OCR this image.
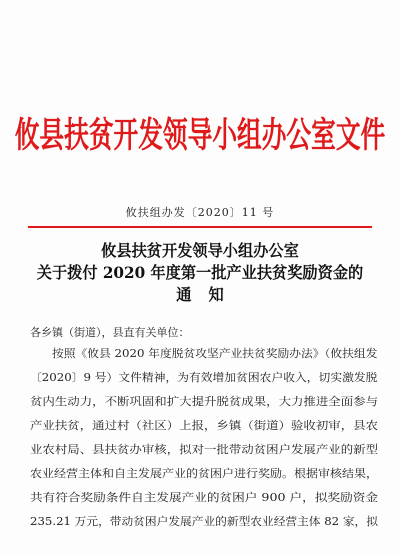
攸县扶贫开发领导小组办公室文件
攸扶组办发〔2020〕11 号
攸县扶贫开发领导小组办公室
关于拨付 2020 年度第一批产业扶贫奖励资金的
通知
各乡镇（街道），县直有关单位：
按照《攸县 2020 年度脱贫攻坚产业扶贫奖励办法》（攸扶组发
〔2020〕9 号）文件精神，为有效增加贫困农户收入，切实激发脱
贫内生动力，不断巩固和扩大提升脱贫成果，大力推进全面参与
产业扶贫，通过村（社区）上报，乡镇（街道）验收初审，县农
业农村局、县扶贫办审核，拟对一批带动贫困户发展产业的新型
农业经营主体和自主发展产业的贫困户进行奖励。根据审核结果，
共有符合奖励条件自主发展产业的贫困户 900 户，拟奖励资金
235.21 万元，带动贫困户发展产业的新型农业经营主体 82 家，拟
